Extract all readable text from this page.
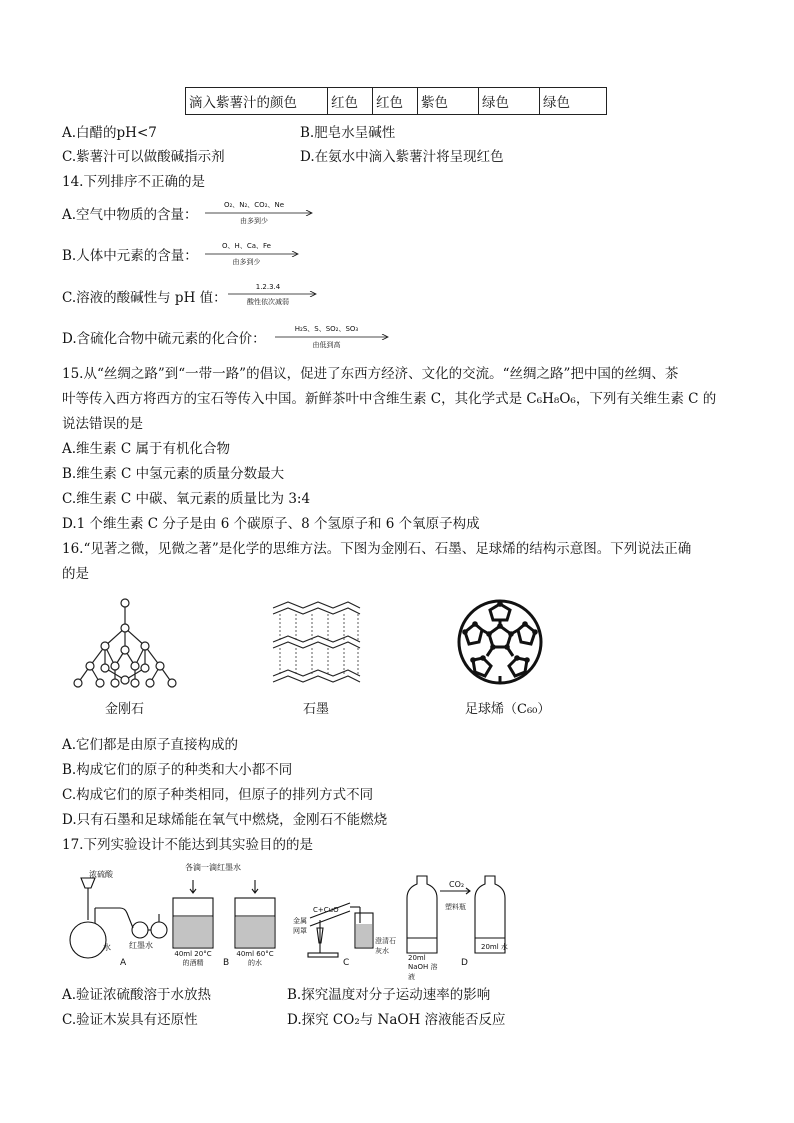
滴入紫薯汁的颜色	红色	红色	紫色	绿色	绿色
A.白醋的pH<7	B.肥皂水呈碱性
C.紫薯汁可以做酸碱指示剂	D.在氨水中滴入紫薯汁将呈现红色
14.下列排序不正确的是
A.空气中物质的含量：
O₂、N₂、CO₂、Ne
由多到少
B.人体中元素的含量：
O、H、Ca、Fe
由多到少
C.溶液的酸碱性与 pH 值：
1.2.3.4
酸性依次减弱
D.含硫化合物中硫元素的化合价：
H₂S、S、SO₂、SO₃
由低到高
15.从“丝绸之路”到“一带一路”的倡议，促进了东西方经济、文化的交流。“丝绸之路”把中国的丝绸、茶
叶等传入西方将西方的宝石等传入中国。新鲜茶叶中含维生素 C，其化学式是 C₆H₈O₆，下列有关维生素 C 的
说法错误的是
A.维生素 C 属于有机化合物
B.维生素 C 中氢元素的质量分数最大
C.维生素 C 中碳、氧元素的质量比为 3:4
D.1 个维生素 C 分子是由 6 个碳原子、8 个氢原子和 6 个氧原子构成
16.“见著之微，见微之著”是化学的思维方法。下图为金刚石、石墨、足球烯的结构示意图。下列说法正确
的是
金刚石	石墨	足球烯（C₆₀）
A.它们都是由原子直接构成的
B.构成它们的原子的种类和大小都不同
C.构成它们的原子种类相同，但原子的排列方式不同
D.只有石墨和足球烯能在氧气中燃烧，金刚石不能燃烧
17.下列实验设计不能达到其实验目的的是
浓硫酸
水 红墨水
各滴一滴红墨水
40ml 20°C 的酒精
40ml 60°C 的水
C+CuO
金属网罩
澄清石灰水
CO₂
塑料瓶
20ml NaOH 溶液
20ml 水
A	B	C	D
A.验证浓硫酸溶于水放热	B.探究温度对分子运动速率的影响
C.验证木炭具有还原性	D.探究 CO₂与 NaOH 溶液能否反应
